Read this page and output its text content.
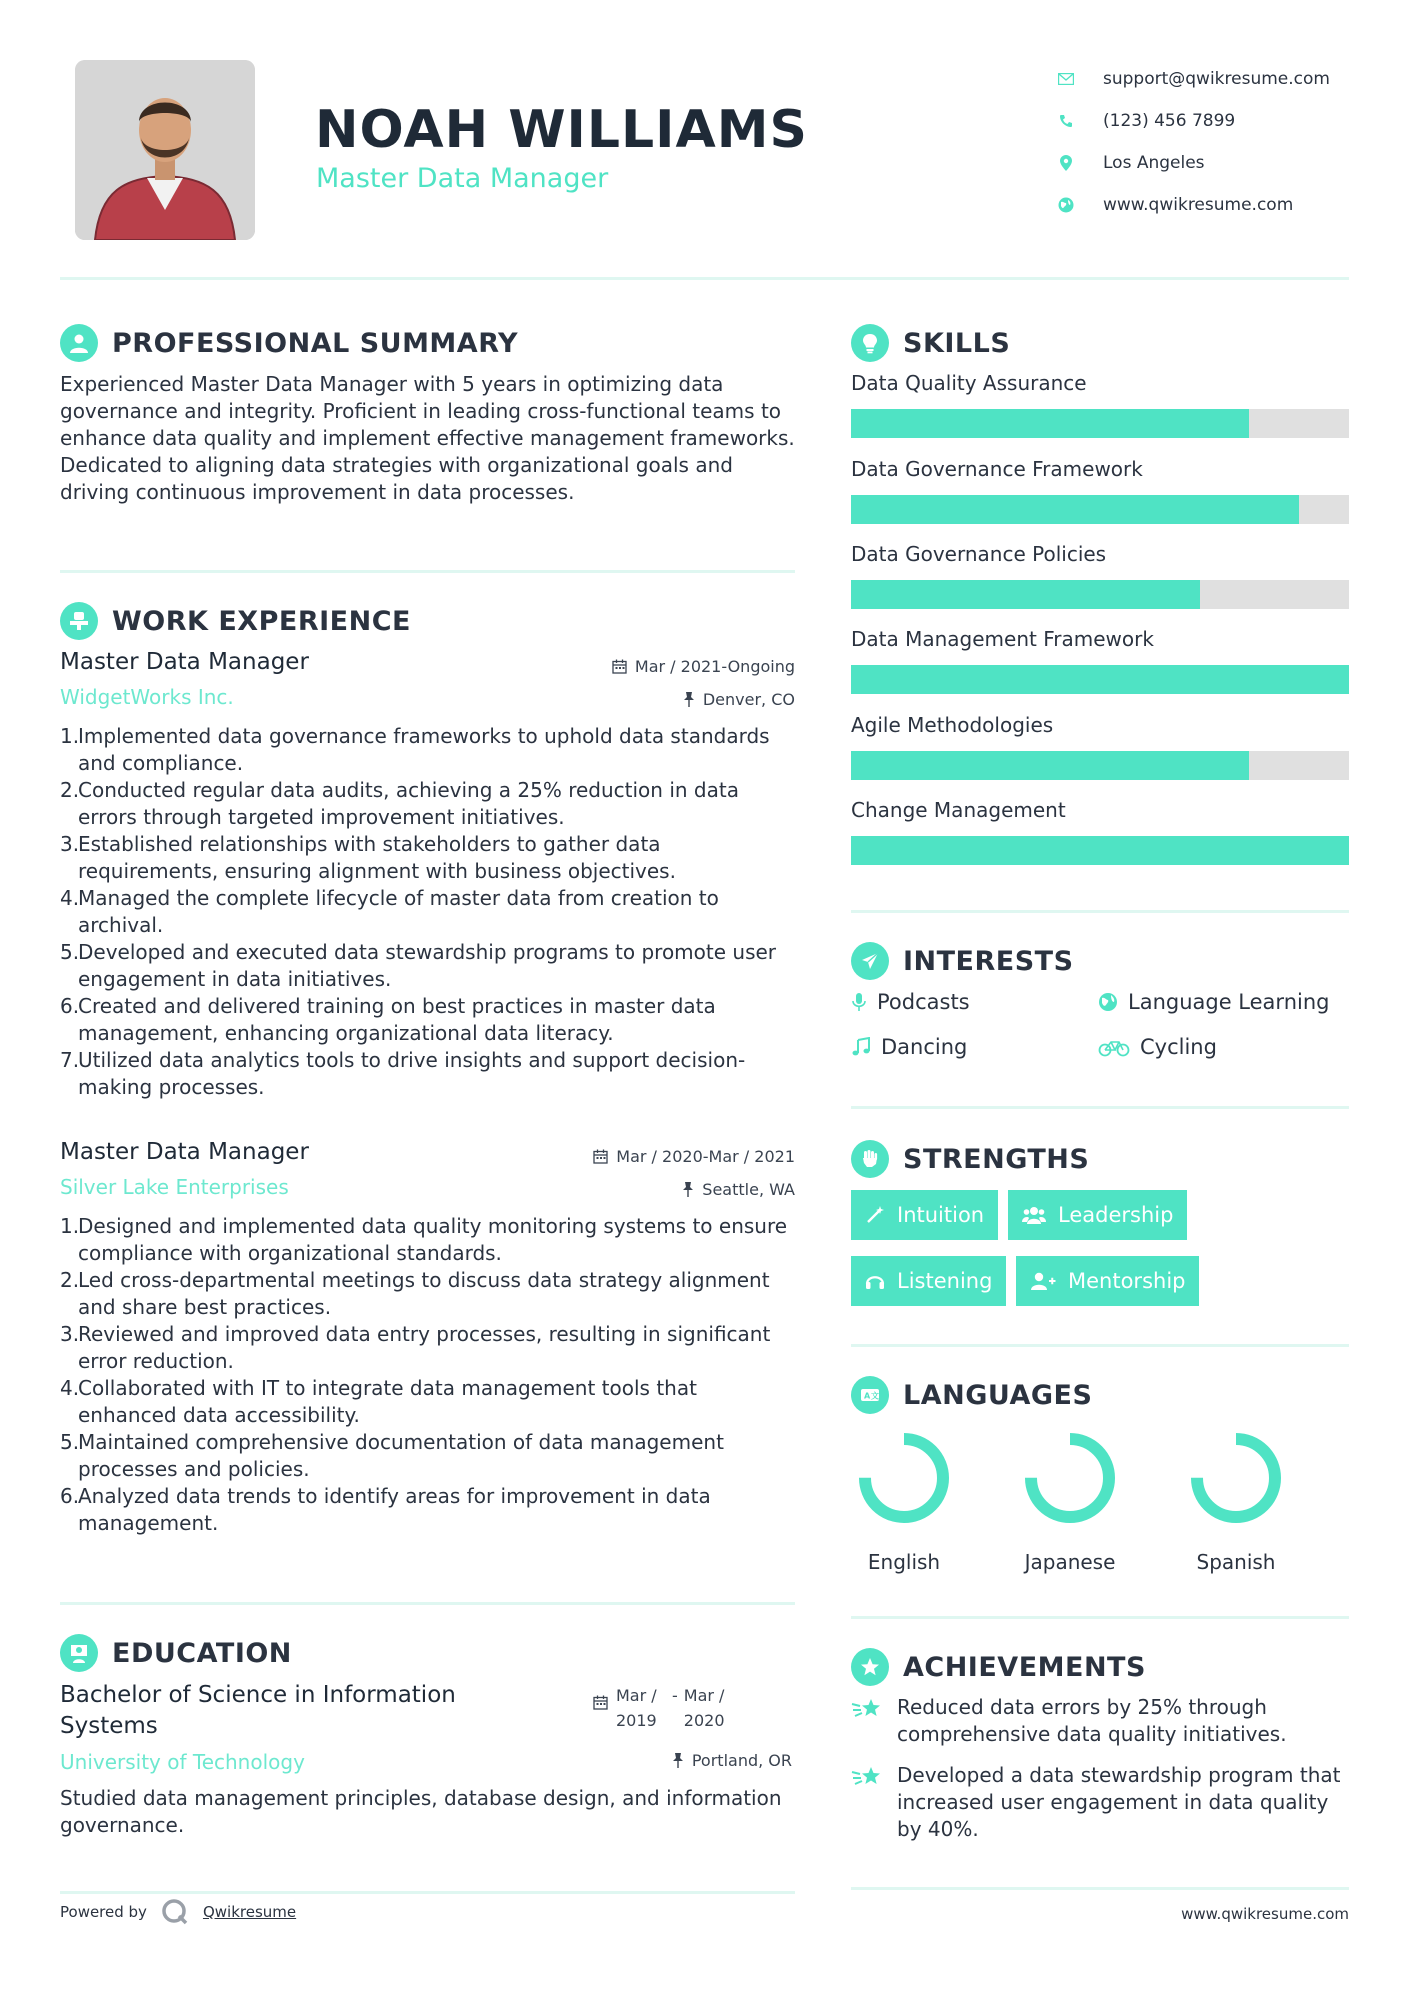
NOAH WILLIAMS
Master Data Manager
support@qwikresume.com
(123) 456 7899
Los Angeles
www.qwikresume.com
PROFESSIONAL SUMMARY
Experienced Master Data Manager with 5 years in optimizing data governance and integrity. Proficient in leading cross-functional teams to enhance data quality and implement effective management frameworks. Dedicated to aligning data strategies with organizational goals and driving continuous improvement in data processes.
WORK EXPERIENCE
Master Data Manager
WidgetWorks Inc.
Mar / 2021-Ongoing
Denver, CO
1.
Implemented data governance frameworks to uphold data standards and compliance.
2.
Conducted regular data audits, achieving a 25% reduction in data errors through targeted improvement initiatives.
3.
Established relationships with stakeholders to gather data requirements, ensuring alignment with business objectives.
4.
Managed the complete lifecycle of master data from creation to archival.
5.
Developed and executed data stewardship programs to promote user engagement in data initiatives.
6.
Created and delivered training on best practices in master data management, enhancing organizational data literacy.
7.
Utilized data analytics tools to drive insights and support decision-making processes.
Master Data Manager
Silver Lake Enterprises
Mar / 2020-Mar / 2021
Seattle, WA
1.
Designed and implemented data quality monitoring systems to ensure compliance with organizational standards.
2.
Led cross-departmental meetings to discuss data strategy alignment and share best practices.
3.
Reviewed and improved data entry processes, resulting in significant error reduction.
4.
Collaborated with IT to integrate data management tools that enhanced data accessibility.
5.
Maintained comprehensive documentation of data management processes and policies.
6.
Analyzed data trends to identify areas for improvement in data management.
EDUCATION
Bachelor of Science in Information Systems
Mar / 2019
- Mar / 2020
University of Technology	Portland, OR
Studied data management principles, database design, and information governance.
SKILLS
Data Quality Assurance
Data Governance Framework
Data Governance Policies
Data Management Framework
Agile Methodologies
Change Management
INTERESTS
Podcasts	Language Learning
Dancing	Cycling
STRENGTHS
Intuition	Leadership
Listening	Mentorship
A 文 LANGUAGES
English	Japanese	Spanish
ACHIEVEMENTS
Reduced data errors by 25% through comprehensive data quality initiatives.
Developed a data stewardship program that increased user engagement in data quality by 40%.
Powered by	Qwikresume	www.qwikresume.com
